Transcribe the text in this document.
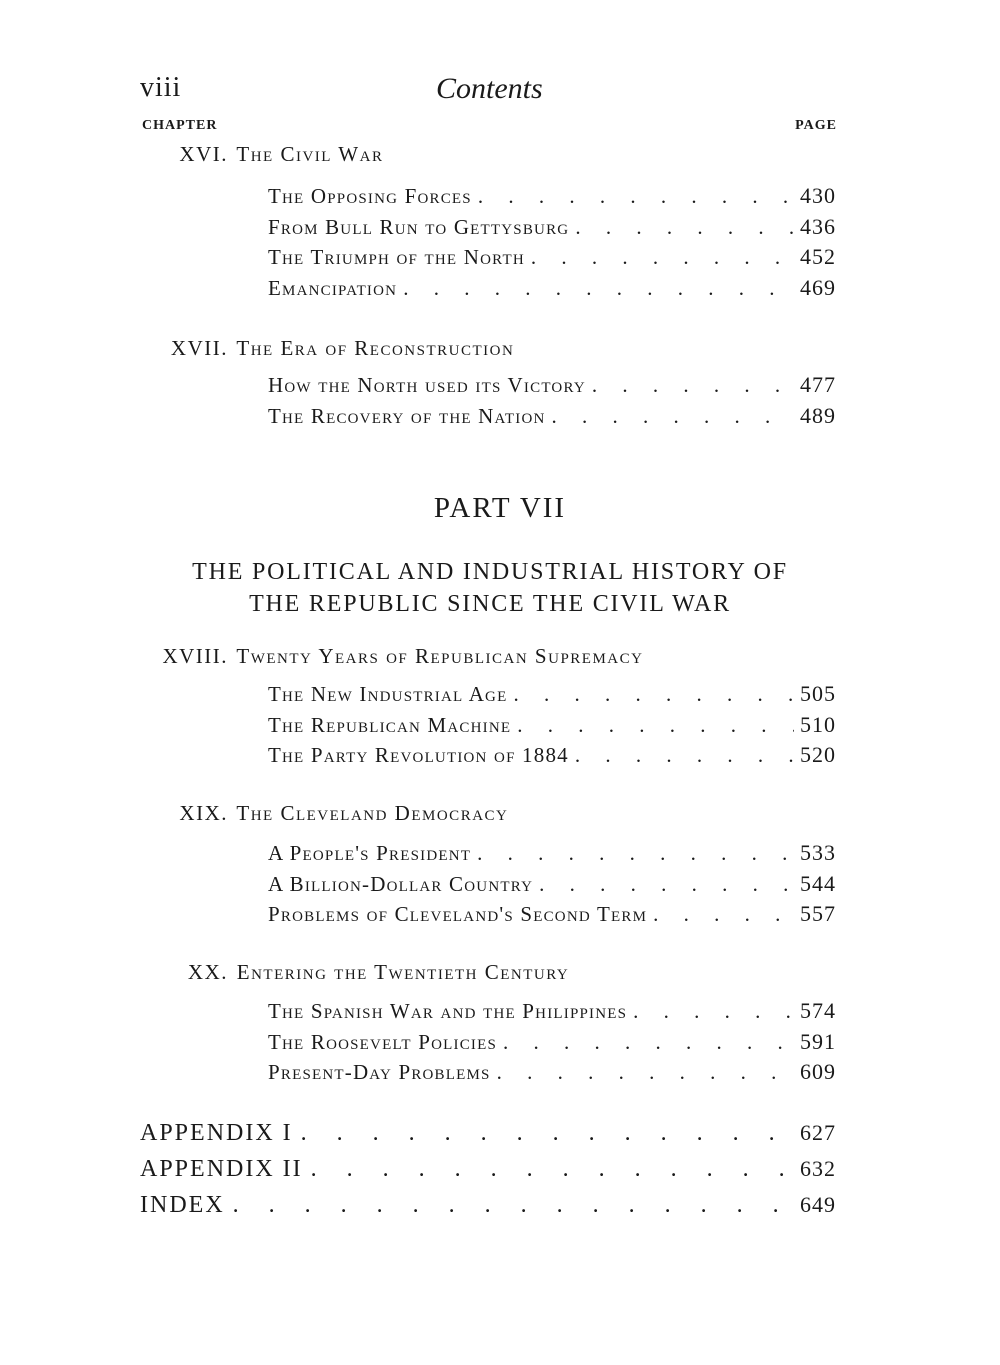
viii	Contents
CHAPTER	PAGE
XVI. The Civil War
The Opposing Forces . . .	430
From Bull Run to Gettysburg . . .	436
The Triumph of the North . . .	452
Emancipation . . .	469
XVII. The Era of Reconstruction
How the North used its Victory . . .	477
The Recovery of the Nation . . .	489
PART VII
THE POLITICAL AND INDUSTRIAL HISTORY OF
THE REPUBLIC SINCE THE CIVIL WAR
XVIII. Twenty Years of Republican Supremacy
The New Industrial Age . . .	505
The Republican Machine . . .	510
The Party Revolution of 1884 . . .	520
XIX. The Cleveland Democracy
A People's President . . .	533
A Billion-Dollar Country . . .	544
Problems of Cleveland's Second Term . . .	557
XX. Entering the Twentieth Century
The Spanish War and the Philippines . . .	574
The Roosevelt Policies . . .	591
Present-Day Problems . . .	609
APPENDIX I . . .	627
APPENDIX II . . .	632
INDEX . . .	649
